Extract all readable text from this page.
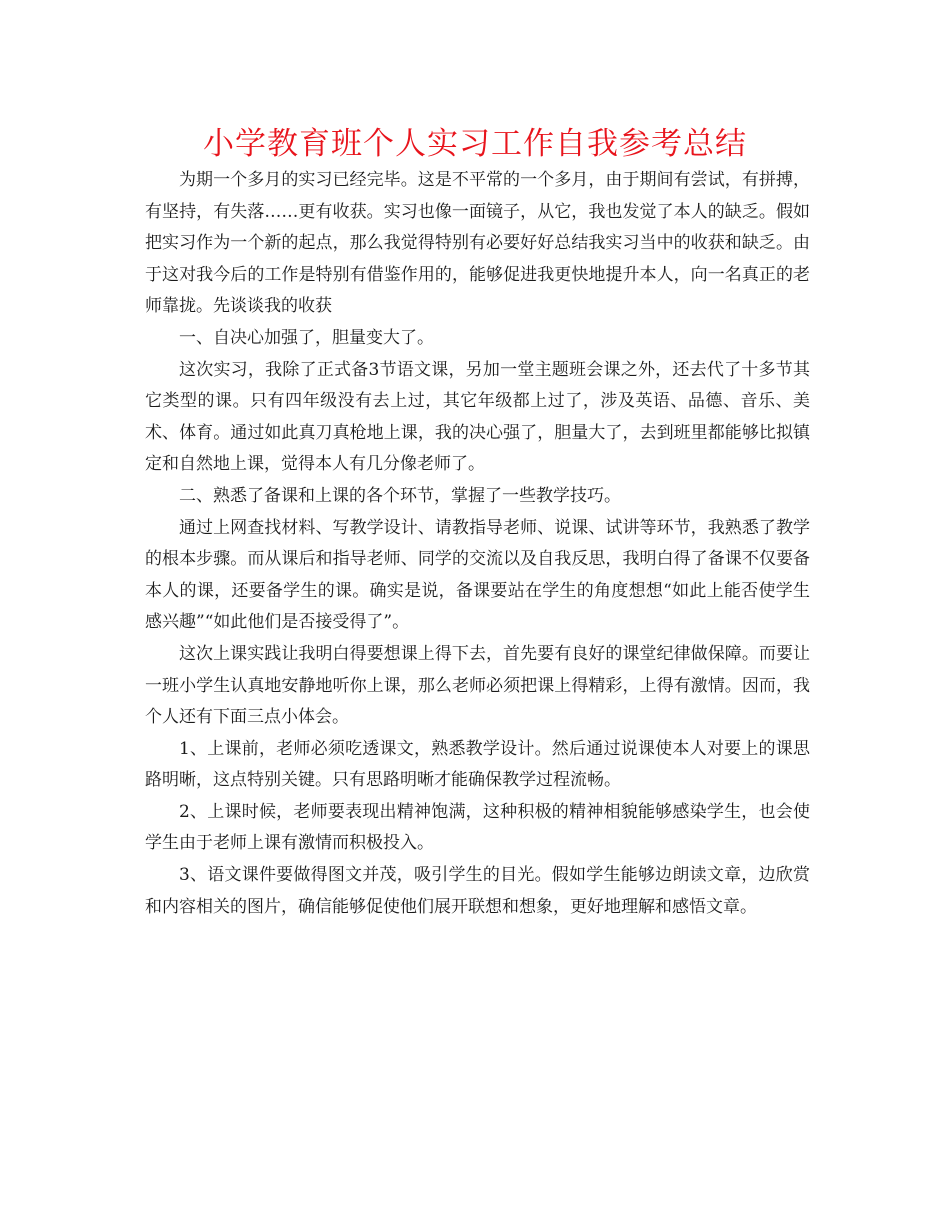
小学教育班个人实习工作自我参考总结

为期一个多月的实习已经完毕。这是不平常的一个多月，由于期间有尝试，有拼搏，有坚持，有失落……更有收获。实习也像一面镜子，从它，我也发觉了本人的缺乏。假如把实习作为一个新的起点，那么我觉得特别有必要好好总结我实习当中的收获和缺乏。由于这对我今后的工作是特别有借鉴作用的，能够促进我更快地提升本人，向一名真正的老师靠拢。先谈谈我的收获

一、自决心加强了，胆量变大了。

这次实习，我除了正式备3节语文课，另加一堂主题班会课之外，还去代了十多节其它类型的课。只有四年级没有去上过，其它年级都上过了，涉及英语、品德、音乐、美术、体育。通过如此真刀真枪地上课，我的决心强了，胆量大了，去到班里都能够比拟镇定和自然地上课，觉得本人有几分像老师了。

二、熟悉了备课和上课的各个环节，掌握了一些教学技巧。

通过上网查找材料、写教学设计、请教指导老师、说课、试讲等环节，我熟悉了教学的根本步骤。而从课后和指导老师、同学的交流以及自我反思，我明白得了备课不仅要备本人的课，还要备学生的课。确实是说，备课要站在学生的角度想想“如此上能否使学生感兴趣”“如此他们是否接受得了”。

这次上课实践让我明白得要想课上得下去，首先要有良好的课堂纪律做保障。而要让一班小学生认真地安静地听你上课，那么老师必须把课上得精彩，上得有激情。因而，我个人还有下面三点小体会。

1、上课前，老师必须吃透课文，熟悉教学设计。然后通过说课使本人对要上的课思路明晰，这点特别关键。只有思路明晰才能确保教学过程流畅。

2、上课时候，老师要表现出精神饱满，这种积极的精神相貌能够感染学生，也会使学生由于老师上课有激情而积极投入。

3、语文课件要做得图文并茂，吸引学生的目光。假如学生能够边朗读文章，边欣赏和内容相关的图片，确信能够促使他们展开联想和想象，更好地理解和感悟文章。
